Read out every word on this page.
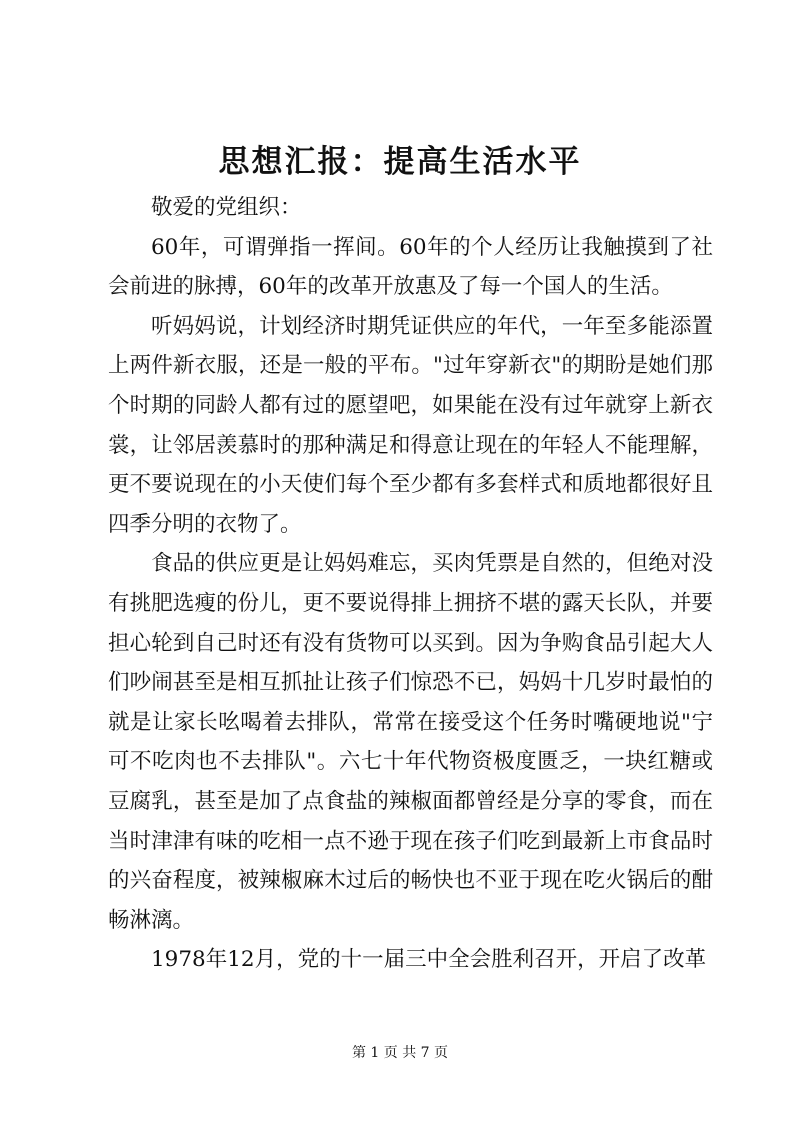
思想汇报：提高生活水平

敬爱的党组织：

60年，可谓弹指一挥间。60年的个人经历让我触摸到了社会前进的脉搏，60年的改革开放惠及了每一个国人的生活。

听妈妈说，计划经济时期凭证供应的年代，一年至多能添置上两件新衣服，还是一般的平布。"过年穿新衣"的期盼是她们那个时期的同龄人都有过的愿望吧，如果能在没有过年就穿上新衣裳，让邻居羡慕时的那种满足和得意让现在的年轻人不能理解，更不要说现在的小天使们每个至少都有多套样式和质地都很好且四季分明的衣物了。

食品的供应更是让妈妈难忘，买肉凭票是自然的，但绝对没有挑肥选瘦的份儿，更不要说得排上拥挤不堪的露天长队，并要担心轮到自己时还有没有货物可以买到。因为争购食品引起大人们吵闹甚至是相互抓扯让孩子们惊恐不已，妈妈十几岁时最怕的就是让家长吆喝着去排队，常常在接受这个任务时嘴硬地说"宁可不吃肉也不去排队"。六七十年代物资极度匮乏，一块红糖或豆腐乳，甚至是加了点食盐的辣椒面都曾经是分享的零食，而在当时津津有味的吃相一点不逊于现在孩子们吃到最新上市食品时的兴奋程度，被辣椒麻木过后的畅快也不亚于现在吃火锅后的酣畅淋漓。

1978年12月，党的十一届三中全会胜利召开，开启了改革

第 1 页 共 7 页
